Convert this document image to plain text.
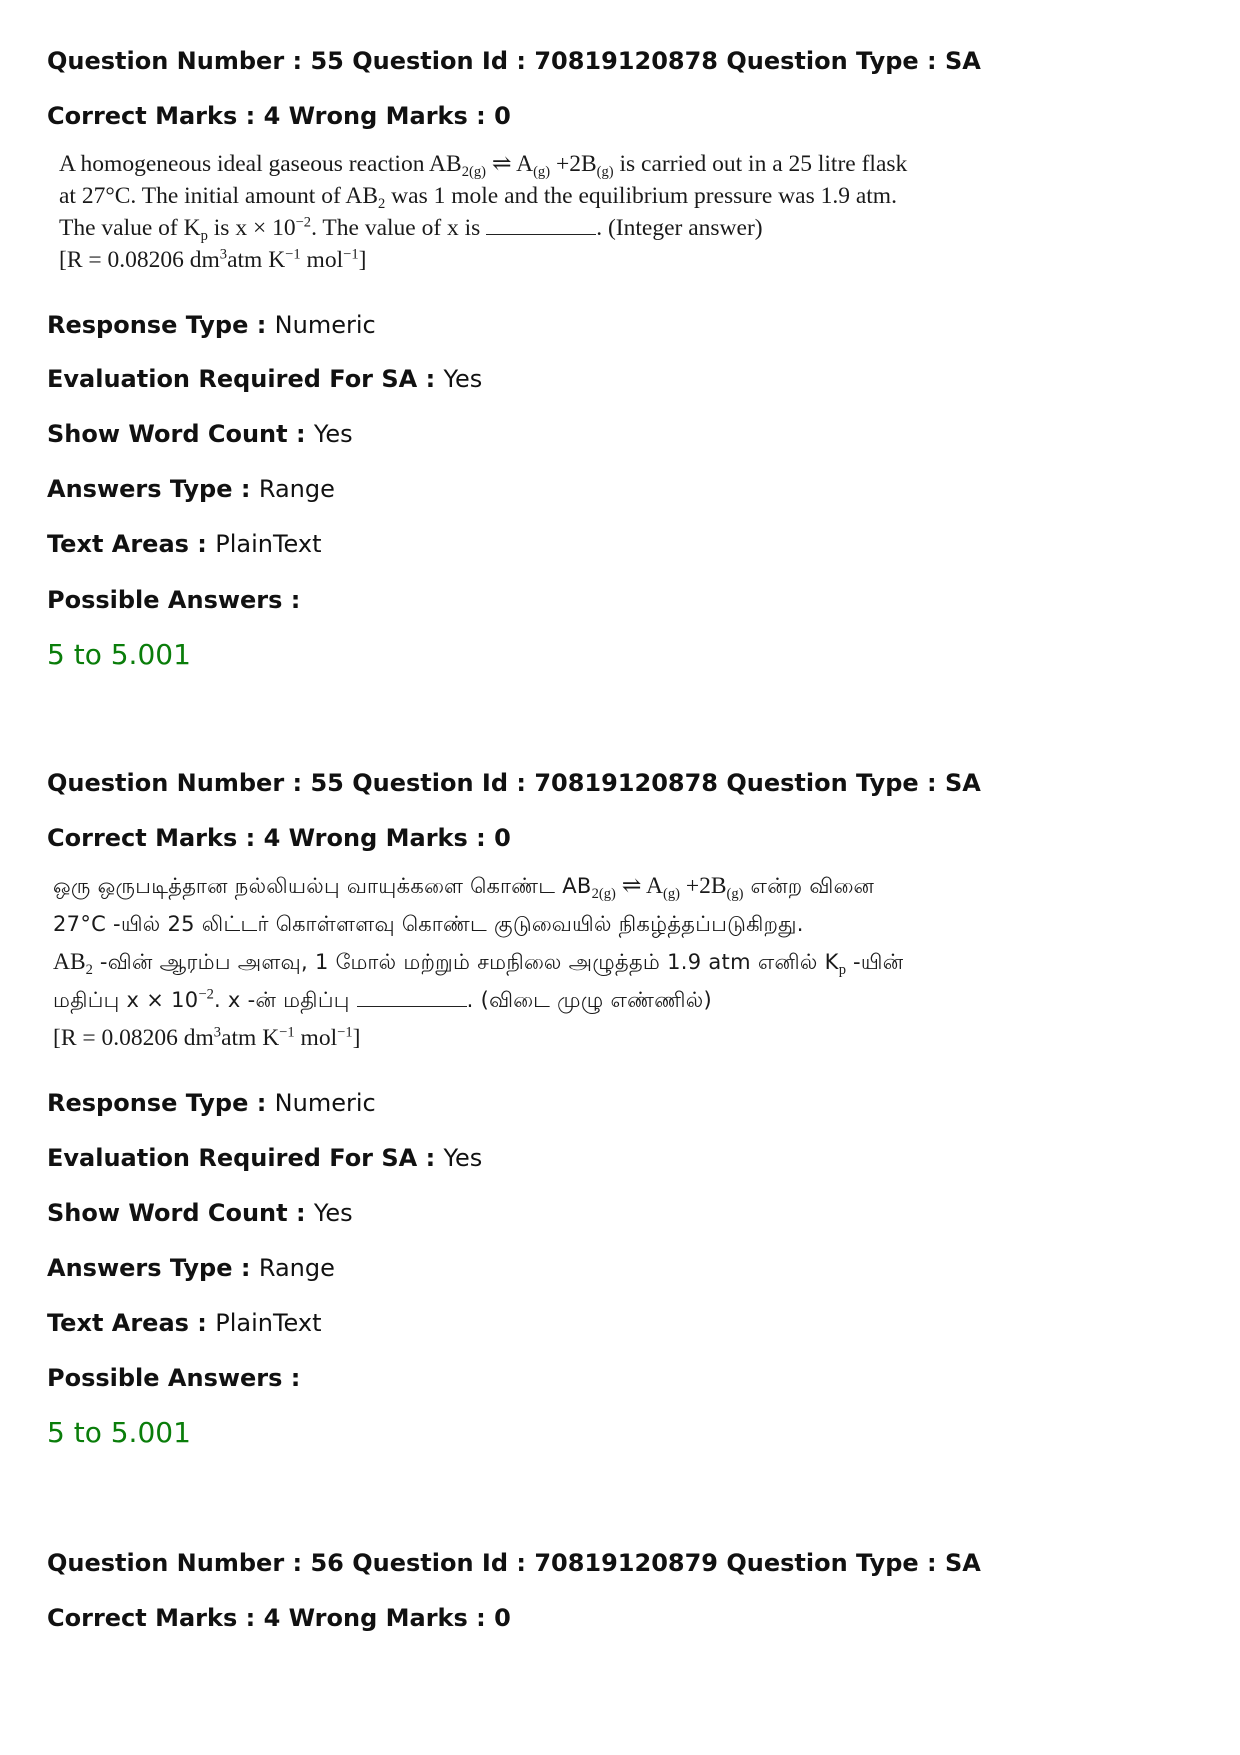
Question Number : 55 Question Id : 70819120878 Question Type : SA
Correct Marks : 4 Wrong Marks : 0
A homogeneous ideal gaseous reaction $AB_{2(g)}$ ⇌ $A_{(g)} +2B_{(g)}$ is carried out in a 25 litre flask
at 27°C. The initial amount of $AB_2$ was 1 mole and the equilibrium pressure was 1.9 atm.
The value of $K_p$ is $x \times 10^{-2}$. The value of x is	. (Integer answer)
[R = 0.08206 $dm^3atm$ $K^{-1}$ mol$^{-1}$]
Response Type : Numeric
Evaluation Required For SA : Yes
Show Word Count : Yes
Answers Type : Range
Text Areas : PlainText
Possible Answers :
5 to 5.001
Question Number : 55 Question Id : 70819120878 Question Type : SA
Correct Marks : 4 Wrong Marks : 0
ஒரு ஒருபடித்தான நல்லியல்பு வாயுக்களை கொண்ட $AB_{2(g)}$ ⇌ $A_{(g)} +2B_{(g)}$ என்ற வினை
27°C -யில் 25 லிட்டர் கொள்ளளவு கொண்ட குடுவையில் நிகழ்த்தப்படுகிறது.
$AB_2$ -வின் ஆரம்ப அளவு, 1 மோல் மற்றும் சமநிலை அழுத்தம் 1.9 atm எனில் $K_p$ -யின்
மதிப்பு $x \times 10^{-2}$. x -ன் மதிப்பு	. (விடை முழு எண்ணில்)
[R = 0.08206 $dm^3atm$ $K^{-1}$ mol$^{-1}$]
Response Type : Numeric
Evaluation Required For SA : Yes
Show Word Count : Yes
Answers Type : Range
Text Areas : PlainText
Possible Answers :
5 to 5.001
Question Number : 56 Question Id : 70819120879 Question Type : SA
Correct Marks : 4 Wrong Marks : 0
